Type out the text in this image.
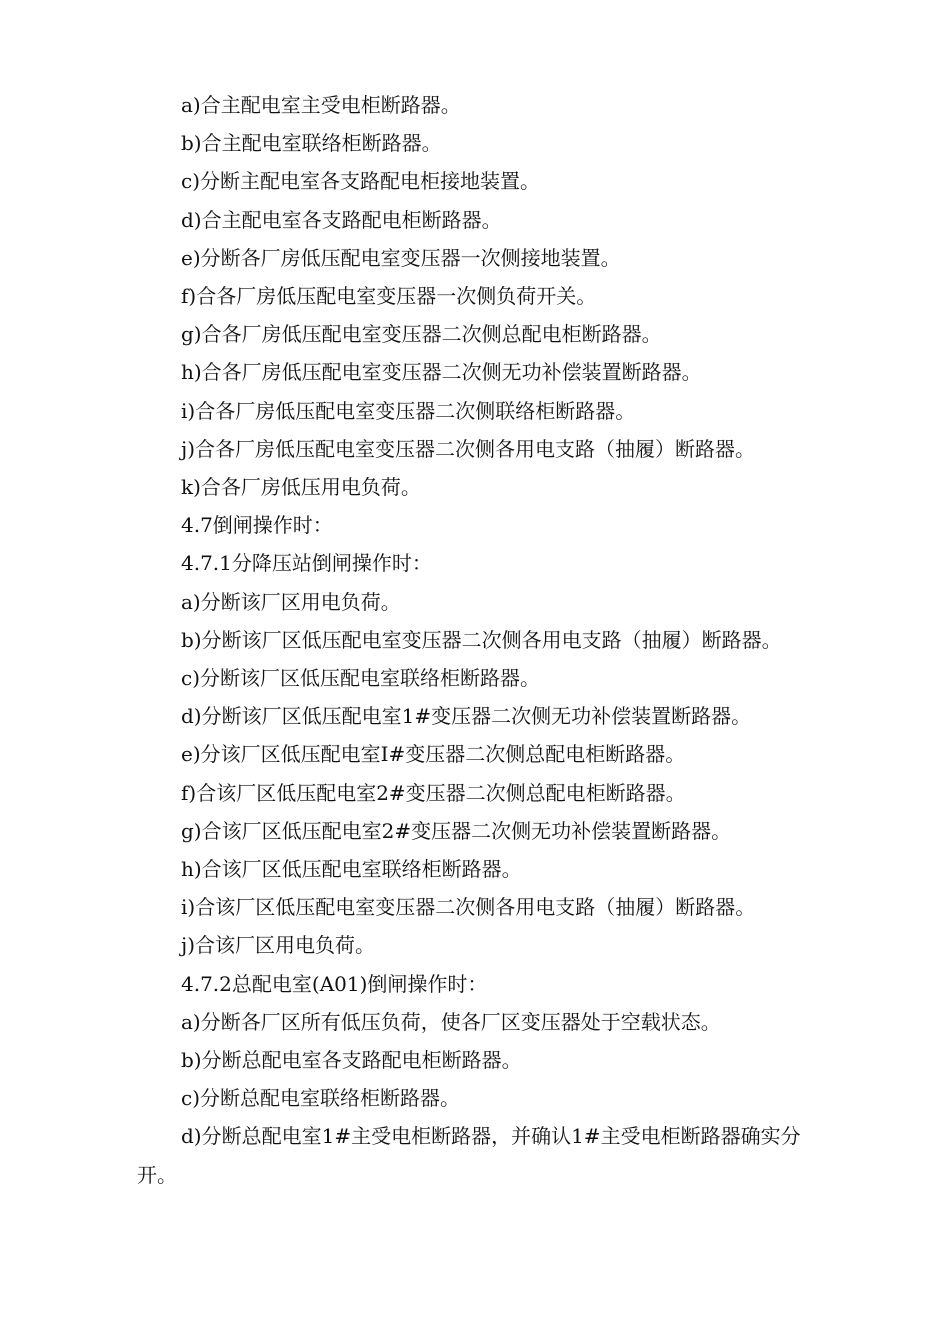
a)合主配电室主受电柜断路器。

b)合主配电室联络柜断路器。

c)分断主配电室各支路配电柜接地装置。

d)合主配电室各支路配电柜断路器。

e)分断各厂房低压配电室变压器一次侧接地装置。

f)合各厂房低压配电室变压器一次侧负荷开关。

g)合各厂房低压配电室变压器二次侧总配电柜断路器。

h)合各厂房低压配电室变压器二次侧无功补偿装置断路器。

i)合各厂房低压配电室变压器二次侧联络柜断路器。

j)合各厂房低压配电室变压器二次侧各用电支路（抽履）断路器。

k)合各厂房低压用电负荷。

4.7倒闸操作时：

4.7.1分降压站倒闸操作时：

a)分断该厂区用电负荷。

b)分断该厂区低压配电室变压器二次侧各用电支路（抽履）断路器。

c)分断该厂区低压配电室联络柜断路器。

d)分断该厂区低压配电室1#变压器二次侧无功补偿装置断路器。

e)分该厂区低压配电室I#变压器二次侧总配电柜断路器。

f)合该厂区低压配电室2#变压器二次侧总配电柜断路器。

g)合该厂区低压配电室2#变压器二次侧无功补偿装置断路器。

h)合该厂区低压配电室联络柜断路器。

i)合该厂区低压配电室变压器二次侧各用电支路（抽履）断路器。

j)合该厂区用电负荷。

4.7.2总配电室(A01)倒闸操作时：

a)分断各厂区所有低压负荷，使各厂区变压器处于空载状态。

b)分断总配电室各支路配电柜断路器。

c)分断总配电室联络柜断路器。

d)分断总配电室1#主受电柜断路器，并确认1#主受电柜断路器确实分开。
